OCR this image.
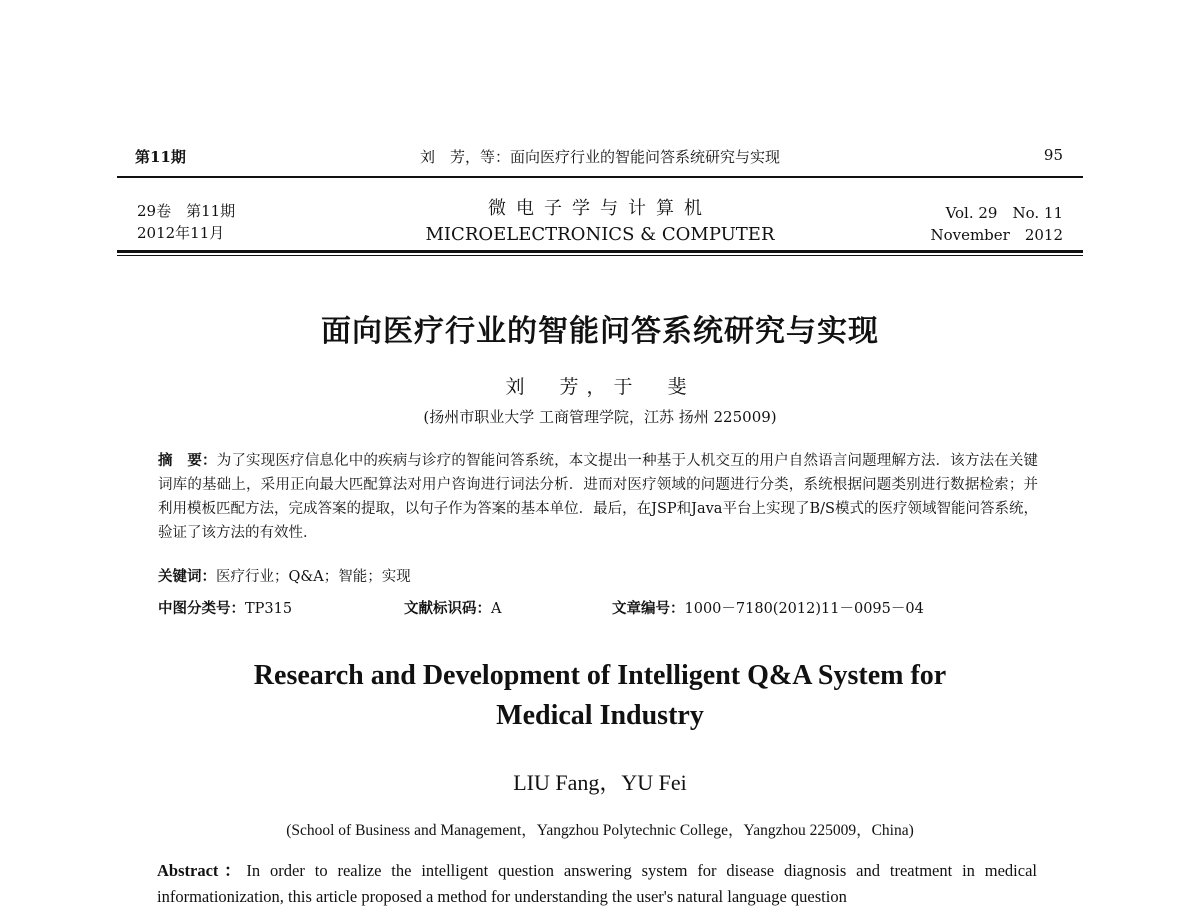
第11期	刘　芳，等：面向医疗行业的智能问答系统研究与实现	95
29卷　第11期
2012年11月
微电子学与计算机
MICROELECTRONICS & COMPUTER
Vol. 29　No. 11
November　2012
面向医疗行业的智能问答系统研究与实现
刘　芳，于　斐
(扬州市职业大学 工商管理学院，江苏 扬州 225009)
摘　要：为了实现医疗信息化中的疾病与诊疗的智能问答系统，本文提出一种基于人机交互的用户自然语言问题理解方法．该方法在关键词库的基础上，采用正向最大匹配算法对用户咨询进行词法分析．进而对医疗领域的问题进行分类，系统根据问题类别进行数据检索；并利用模板匹配方法，完成答案的提取，以句子作为答案的基本单位．最后，在JSP和Java平台上实现了B/S模式的医疗领域智能问答系统，验证了该方法的有效性．
关键词：医疗行业；Q&A；智能；实现
中图分类号：TP315	文献标识码：A	文章编号：1000－7180(2012)11－0095－04
Research and Development of Intelligent Q&A System for
Medical Industry
LIU Fang，YU Fei
(School of Business and Management，Yangzhou Polytechnic College，Yangzhou 225009，China)
Abstract：In order to realize the intelligent question answering system for disease diagnosis and treatment in medical informationization, this article proposed a method for understanding the user's natural language question
